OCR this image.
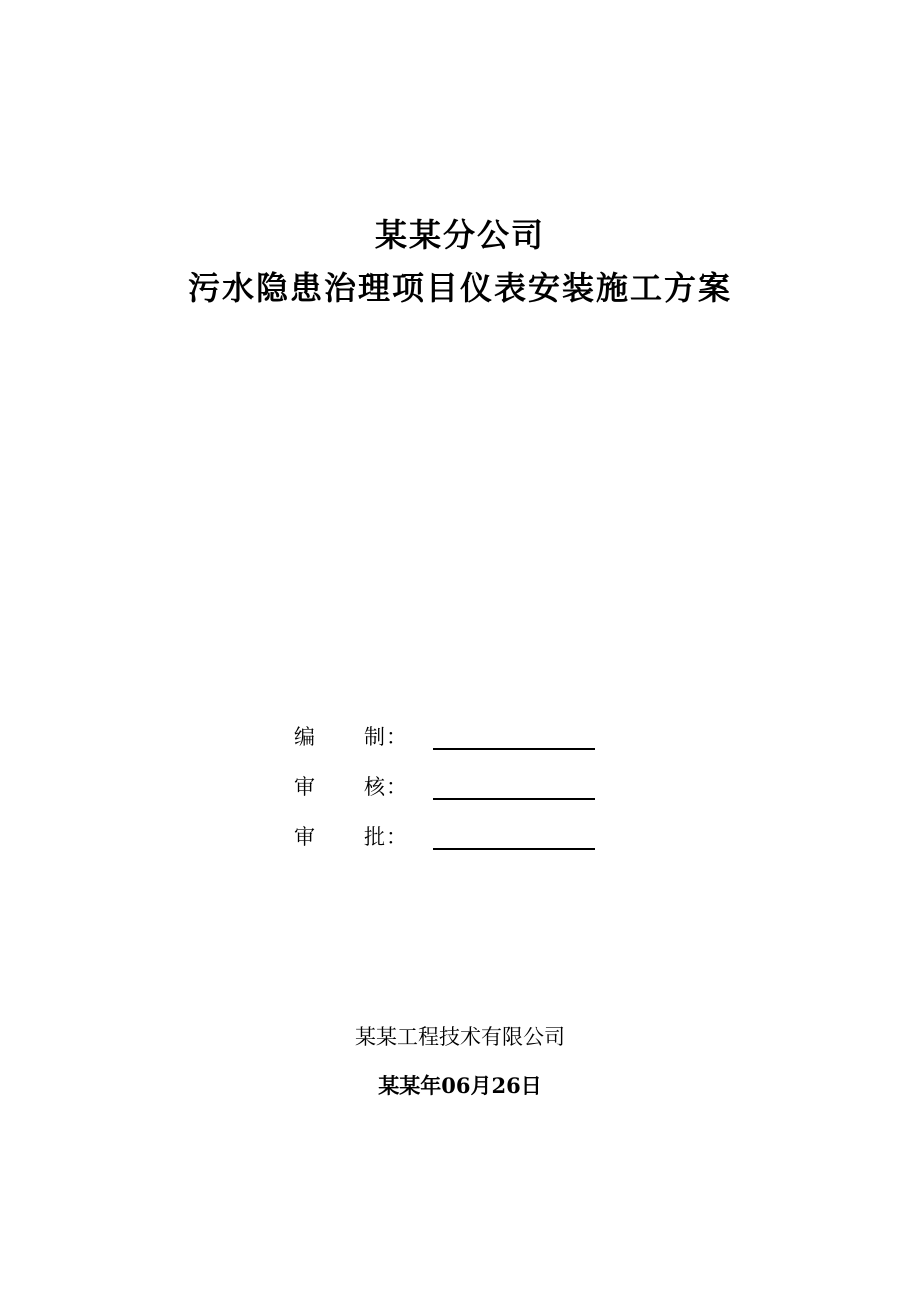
某某分公司
污水隐患治理项目仪表安装施工方案
编 制 ：
审 核 ：
审 批 ：
某某工程技术有限公司
某某年06月26日
